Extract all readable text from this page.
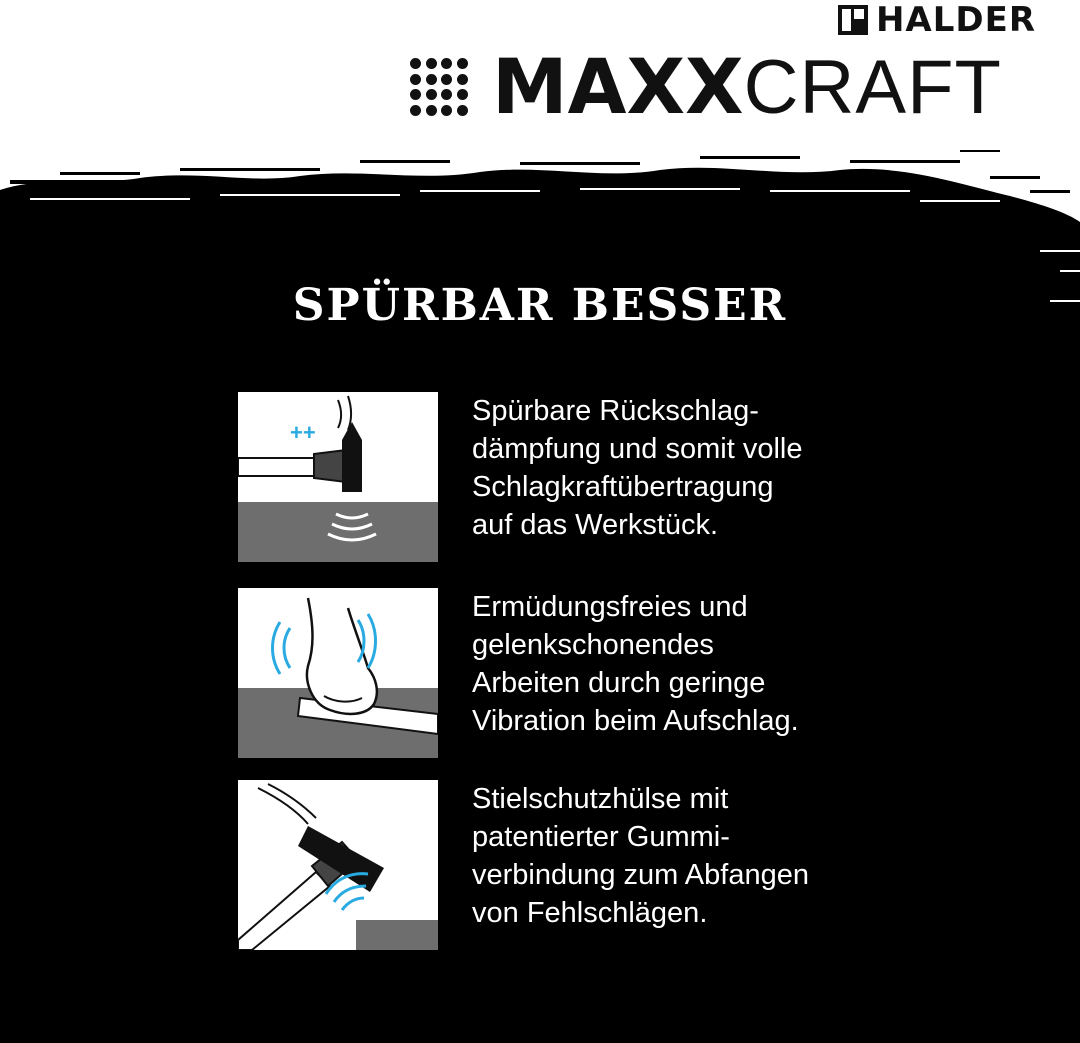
HALDER
MAXXCRAFT
SPÜRBAR BESSER
++
Spürbare Rückschlag-
dämpfung und somit volle
Schlagkraftübertragung
auf das Werkstück.
Ermüdungsfreies und
gelenkschonendes
Arbeiten durch geringe
Vibration beim Aufschlag.
Stielschutzhülse mit
patentierter Gummi-
verbindung zum Abfangen
von Fehlschlägen.
